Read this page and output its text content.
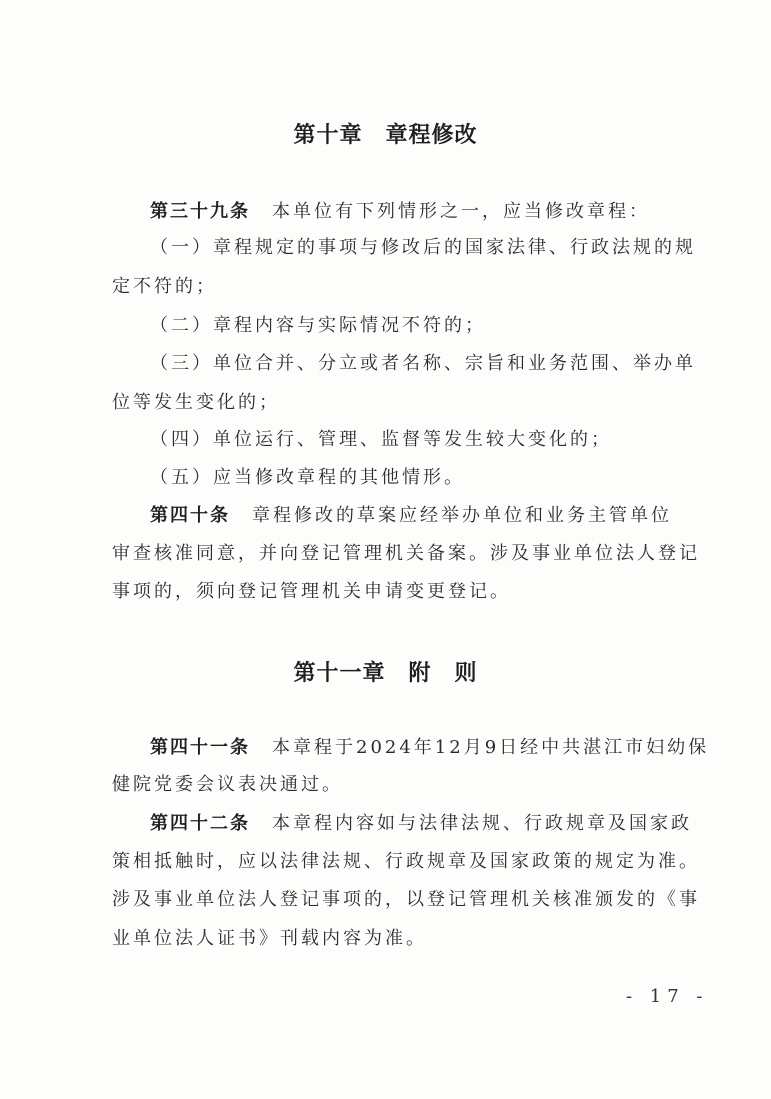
第十章　章程修改
第三十九条 本单位有下列情形之一，应当修改章程：
（一）章程规定的事项与修改后的国家法律、行政法规的规
定不符的；
（二）章程内容与实际情况不符的；
（三）单位合并、分立或者名称、宗旨和业务范围、举办单
位等发生变化的；
（四）单位运行、管理、监督等发生较大变化的；
（五）应当修改章程的其他情形。
第四十条 章程修改的草案应经举办单位和业务主管单位
审查核准同意，并向登记管理机关备案。涉及事业单位法人登记
事项的，须向登记管理机关申请变更登记。
第十一章　附　则
第四十一条 本章程于2024年12月9日经中共湛江市妇幼保
健院党委会议表决通过。
第四十二条 本章程内容如与法律法规、行政规章及国家政
策相抵触时，应以法律法规、行政规章及国家政策的规定为准。
涉及事业单位法人登记事项的，以登记管理机关核准颁发的《事
业单位法人证书》刊载内容为准。
- 17 -
